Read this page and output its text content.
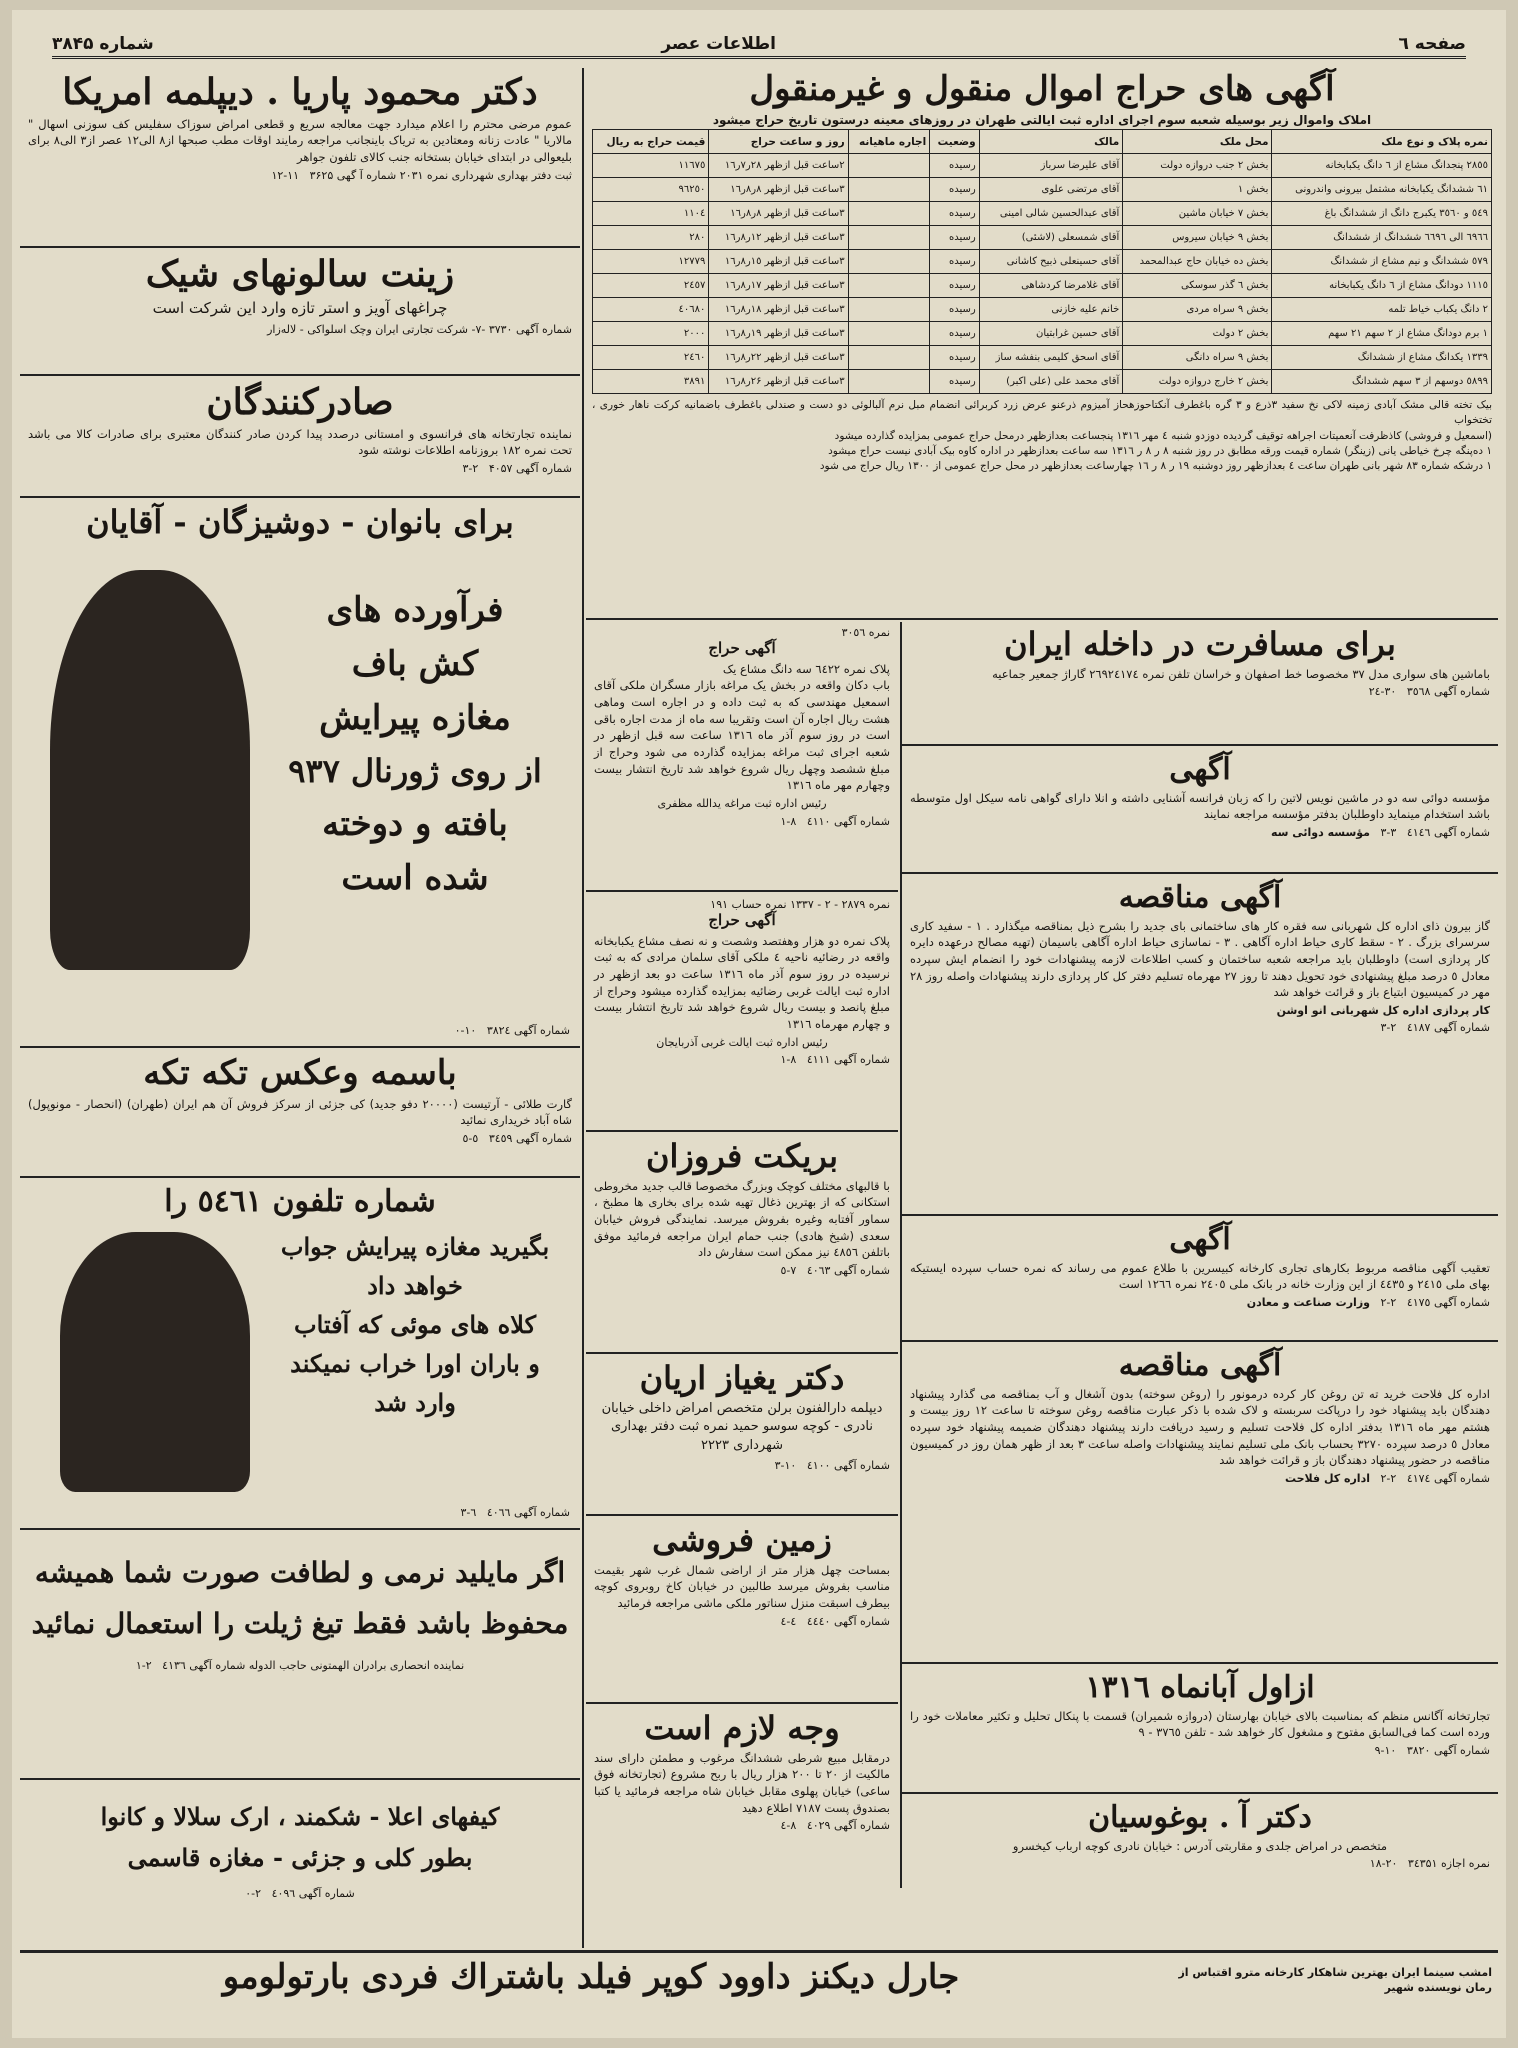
صفحه ٦
اطلاعات عصر
شماره ۳۸۴۵
دکتر محمود پاریا . دیپلمه امریکا

عموم مرضی محترم را اعلام میدارد جهت معالجه سریع و قطعی امراض سوزاک سفلیس کف سوزنی اسهال " مالاریا " عادت زنانه ومعتادین به تریاک باینجانب مراجعه رمایند اوقات مطب صبحها از۸ الی۱۲ عصر از۳ الی۸ برای بلیعوالی در ابتدای خیابان بستخانه جنب کالای تلفون جواهر

ثبت دفتر بهداری شهرداری نمره ۲۰۳۱ شماره آ گهی ۳۶۲۵   ۱۱-۱۲

زینت سالونهای شیک

چراغهای آویز و استر تازه وارد این شرکت است

شماره آگهی ۳۷۳۰ -۷- شرکت تجارتی ایران وچک اسلواکی - لاله‌زار

صادرکنندگان

نماینده تجارتخانه های فرانسوی و امستانی درصدد پیدا کردن صادر کنندگان معتبری برای صادرات کالا می باشد تحت نمره ۱۸۲ بروزنامه اطلاعات نوشته شود

شماره آگهی ۴۰۵۷   ۲-۳

برای بانوان - دوشیزگان - آقایان
فرآورده های
کش باف
مغازه پیرایش
از روی ژورنال ۹۳۷
بافته و دوخته
شده است

شماره آگهی ۳۸۲٤   ۱۰-۰

باسمه وعکس تکه تکه

گارت طلائی - آرتیست (۲۰۰۰۰ دفو جدید) کی جزئی از سرکز فروش آن هم ایران (طهران) (انحصار - مونوپول) شاه آباد خریداری نمائید

شماره آگهی ۳٤٥٩   ٥-٥

شماره تلفون ٥٤٦١ را
بگیرید مغازه پیرایش جواب
خواهد داد
کلاه های موئی که آفتاب
و باران اورا خراب نمیکند
وارد شد

شماره آگهی ٤٠٦٦   ٦-٣

اگر مایلید نرمی و لطافت صورت شما همیشه
محفوظ باشد فقط تیغ ژیلت را استعمال نمائید

نماینده انحصاری برادران الهمتونی حاجب الدوله شماره آگهی ٤١٣٦   ۲-۱

کیفهای اعلا - شکمند ، ارک سلالا و کانوا
بطور کلی و جزئی - مغازه قاسمی

شماره آگهی ٤٠٩٦   ۲-۰

آگهی های حراج اموال منقول و غیرمنقول

املاک واموال زیر بوسیله شعبه سوم اجرای اداره ثبت ایالتی طهران در روزهای معینه درستون تاریخ حراج میشود

نمره پلاک و نوع ملک	محل ملک	مالک	وضعیت	اجاره ماهیانه	روز و ساعت حراج	قیمت حراج به ریال
۲۸٥٥ پنجدانگ مشاع از ٦ دانگ یکبابخانه	بخش ۲ جنب دروازه دولت	آقای علیرضا سرباز	رسیده		۲ساعت قبل ازظهر ۲۸ر۷ر۱٦	۱۱٦۷٥
٦۱ ششدانگ یکبابخانه مشتمل بیرونی واندرونی	بخش ۱	آقای مرتضی علوی	رسیده		۳ساعت قبل ازظهر ۸ر۸ر۱٦	۹٦۲٥۰
٥٤۹ و ۳٥٦۰ یکبرج دانگ از ششدانگ باغ	بخش ۷ خیابان ماشین	آقای عبدالحسین شالی امینی	رسیده		۳ساعت قبل ازظهر ۸ر۸ر۱٦	۱۱۰٤
٦۹٦٦ الی ٦٦۹٦ ششدانگ از ششدانگ	بخش ۹ خیابان سیروس	آقای شمسعلی (لاشئی)	رسیده		۳ساعت قبل ازظهر ۱۲ر۸ر۱٦	۲۸۰
٥۷۹ ششدانگ و نیم مشاع از ششدانگ	بخش ده خیابان حاج عبدالمحمد	آقای حسینعلی ذبیح کاشانی	رسیده		۳ساعت قبل ازظهر ۱٥ر۸ر۱٦	۱۲۷۷۹
۱۱۱٥ دودانگ مشاع از ٦ دانگ یکبابخانه	بخش ٦ گذر سوسکی	آقای غلامرضا کردشاهی	رسیده		۳ساعت قبل ازظهر ۱۷ر۸ر۱٦	۲٤٥۷
۲ دانگ یکباب خیاط تلمه	بخش ۹ سراه مردی	خانم علیه خازنی	رسیده		۳ساعت قبل ازظهر ۱۸ر۸ر۱٦	٤۰٦۸۰
۱ برم دودانگ مشاع از ۲ سهم ۲۱ سهم	بخش ۲ دولت	آقای حسین غرابتیان	رسیده		۳ساعت قبل ازظهر ۱۹ر۸ر۱٦	۲۰۰۰
۱۳۳۹ یکدانگ مشاع از ششدانگ	بخش ۹ سراه دانگی	آقای اسحق کلیمی بنفشه ساز	رسیده		۳ساعت قبل ازظهر ۲۲ر۸ر۱٦	۲٤٦۰
٥۸۹۹ دوسهم از ۳ سهم ششدانگ	بخش ۲ خارج دروازه دولت	آقای محمد علی (علی اکبر)	رسیده		۳ساعت قبل ازظهر ۲۶ر۸ر۱٦	۳۸۹۱

بیک تخته قالی مشک آبادی زمینه لاکی نخ سفید ۳ذرع و ۳ گره باغطرف آنکتاحوزهحاز آمیزوم ذرعنو عرض زرد کربرائی انضمام مبل نرم آلبالوئی دو دست و صندلی باغطرف باضمانیه کرکت ناهار خوری ، تختخواب

(اسمعیل و فروشی) کاذظرفت آنعمیتات اجراهه توقیف گردیده دوزدو شنبه ٤ مهر ۱۳۱٦ پنجساعت بعدازظهر درمحل حراج عمومی بمزایده گذارده میشود

۱ ده‌پنگه چرخ خیاطی یانی (زینگر) شماره قیمت ورقه مطابق در روز شنبه ۸ ر ۸ ر ۱۳۱٦ سه ساعت بعدازظهر در اداره کاوه بیک آبادی نیست حراج میشود

۱ درشکه شماره ۸۳ شهر بانی طهران ساعت ٤ بعدازظهر روز دوشنبه ۱۹ ر ۸ ر ۱٦ چهارساعت بعدازظهر در محل حراج عمومی از ۱۳۰۰ ریال حراج می شود

نمره ۳۰٥٦
آگهی حراج

پلاک نمره ٦٤۲۲ سه دانگ مشاع یک

باب دکان واقعه در بخش یک مراغه بازار مسگران ملکی آقای اسمعیل مهندسی که به ثبت داده و در اجاره است وماهی هشت ریال اجاره آن است وتقریبا سه ماه از مدت اجاره باقی است در روز سوم آذر ماه ۱۳۱٦ ساعت سه قبل ازظهر در شعبه اجرای ثبت مراغه بمزایده گذارده می شود وحراج از مبلغ ششصد وچهل ریال شروع خواهد شد تاریخ انتشار بیست وچهارم مهر ماه ۱۳۱٦

رئیس اداره ثبت مراغه یدالله مظفری

شماره آگهی ٤۱۱۰   ۸-۱

نمره ۲۸۷۹ - ۲ - ۱۳۳۷ نمره حساب ۱۹۱
آگهی حراج

پلاک نمره دو هزار وهفتصد وشصت و نه نصف مشاع یکبابخانه واقعه در رضائیه ناحیه ٤ ملکی آقای سلمان مرادی که به ثبت نرسیده در روز سوم آذر ماه ۱۳۱٦ ساعت دو بعد ازظهر در اداره ثبت ایالت غربی رضائیه بمزایده گذارده میشود وحراج از مبلغ پانصد و بیست ریال شروع خواهد شد تاریخ انتشار بیست و چهارم مهرماه ۱۳۱٦

رئیس اداره ثبت ایالت غربی آذربایجان

شماره آگهی ٤۱۱۱   ۸-۱

بریکت فروزان

با قالبهای مختلف کوچک وبزرگ مخصوصا قالب جدید مخروطی استکانی که از بهترین ذغال تهیه شده برای بخاری ها مطبخ ، سماور آفتابه وغیره بفروش میرسد. نمایندگی فروش خیابان سعدی (شیخ هادی) جنب حمام ایران مراجعه فرمائید موفق باتلفن ٤۸٥٦ نیز ممکن است سفارش داد

شماره آگهی ٤۰٦۳   ۷-٥

دکتر یغیاز اریان

دیپلمه دارالفنون برلن متخصص امراض داخلی خیابان نادری - کوچه سوسو حمید نمره ثبت دفتر بهداری شهرداری ۲۲۲۳

شماره آگهی ٤۱۰۰   ۱۰-۳

زمین فروشی

بمساحت چهل هزار متر از اراضی شمال غرب شهر بقیمت مناسب بفروش میرسد طالبین در خیابان کاخ روبروی کوچه بیطرف اسبقت منزل سناتور ملکی ماشی مراجعه فرمائید

شماره آگهی ٤٤٤۰   ٤-٤

وجه لازم است

درمقابل مبیع شرطی ششدانگ مرغوب و مطمئن دارای سند مالکیت از ۲۰ تا ۲۰۰ هزار ریال با ربح مشروع (تجارتخانه فوق ساعی) خیابان پهلوی مقابل خیابان شاه مراجعه فرمائید یا کتبا بصندوق پست ۷۱۸۷ اطلاع دهید

شماره آگهی ٤۰۲۹   ۸-٤

برای مسافرت در داخله ایران

باماشین های سواری مدل ۳۷ مخصوصا خط اصفهان و خراسان تلفن نمره ۲٦۹۲٤۱۷٤ گاراژ جمعیر جماعیه

شماره آگهی ۳٥٦۸   ۳۰-۲٤

آگهی

مؤسسه دوائی سه دو در ماشین نویس لاتین را که زبان فرانسه آشنایی داشته و انلا دارای گواهی نامه سیکل اول متوسطه باشد استخدام مینماید داوطلبان بدفتر مؤسسه مراجعه نمایند

شماره آگهی ٤١٤٦   ۳-۳   مؤسسه دوائی سه

آگهی مناقصه

گاز بیرون ذای اداره کل شهربانی سه فقره کار های ساختمانی بای جدید را بشرح ذیل بمناقصه میگذارد . ۱ - سفید کاری سرسرای بزرگ . ۲ - سقط کاری حیاط اداره آگاهی . ۳ - نماسازی حیاط اداره آگاهی باسیمان (تهیه مصالح درعهده دایره کار پردازی است) داوطلبان باید مراجعه شعبه ساختمان و کسب اطلاعات لازمه پیشنهادات خود را انضمام ایش سپرده معادل ٥ درصد مبلغ پیشنهادی خود تحویل دهند تا روز ۲۷ مهرماه تسلیم دفتر کل کار پردازی دارند پیشنهادات واصله روز ۲۸ مهر در کمیسیون ابتیاع باز و قرائت خواهد شد

کار پردازی اداره کل شهربانی انو اوشن

شماره آگهی ٤۱۸۷   ۲-۳

آگهی

تعقیب آگهی مناقصه مربوط بکارهای تجاری کارخانه کبیسرین با طلاع عموم می رساند که نمره حساب سپرده ایستیکه بهای ملی ۲٤١٥ و ٤٤٣٥ از این وزارت خانه در بانک ملی ۲٤٠٥ نمره ۱۲٦٦ است

شماره آگهی ٤١٧٥   ۲-۲   وزارت صناعت و معادن

آگهی مناقصه

اداره کل فلاحت خرید ته تن روغن کار کرده درمونور را (روغن سوخته) بدون آشغال و آب بمناقصه می گذارد پیشنهاد دهندگان باید پیشنهاد خود را درپاکت سربسته و لاک شده با ذکر عبارت مناقصه روغن سوخته تا ساعت ۱۲ روز بیست و هشتم مهر ماه ۱۳۱٦ بدفتر اداره کل فلاحت تسلیم و رسید دریافت دارند پیشنهاد دهندگان ضمیمه پیشنهاد خود سپرده معادل ٥ درصد سپرده ۳۲۷۰ بحساب بانک ملی تسلیم نمایند پیشنهادات واصله ساعت ۳ بعد از ظهر همان روز در کمیسیون مناقصه در حضور پیشنهاد دهندگان باز و قرائت خواهد شد

شماره آگهی ٤۱۷٤   ۲-۲   اداره کل فلاحت

ازاول آبانماه ۱۳۱٦

تجارتخانه آگانس منظم که بمناسبت بالای خیابان بهارستان (دروازه شمیران) قسمت با پنکال تحلیل و تکثیر معاملات خود را ورده است کما فی‌السابق مفتوح و مشغول کار خواهد شد - تلفن ۳۷٦٥ - ۹

شماره آگهی ۳۸۲۰   ۱۰-۹

دکتر آ . بوغوسیان

متخصص در امراض جلدی و مقاربتی آدرس : خیابان نادری کوچه ارباب کیخسرو

نمره اجازه ۳٤۳۵۱   ۲۰-۱۸

امشب سینما ایران بهترین شاهکار کارخانه مترو اقتباس از رمان نویسنده شهیر
جارل دیکنز داوود کوپر فیلد باشتراك فردی بارتولومو
